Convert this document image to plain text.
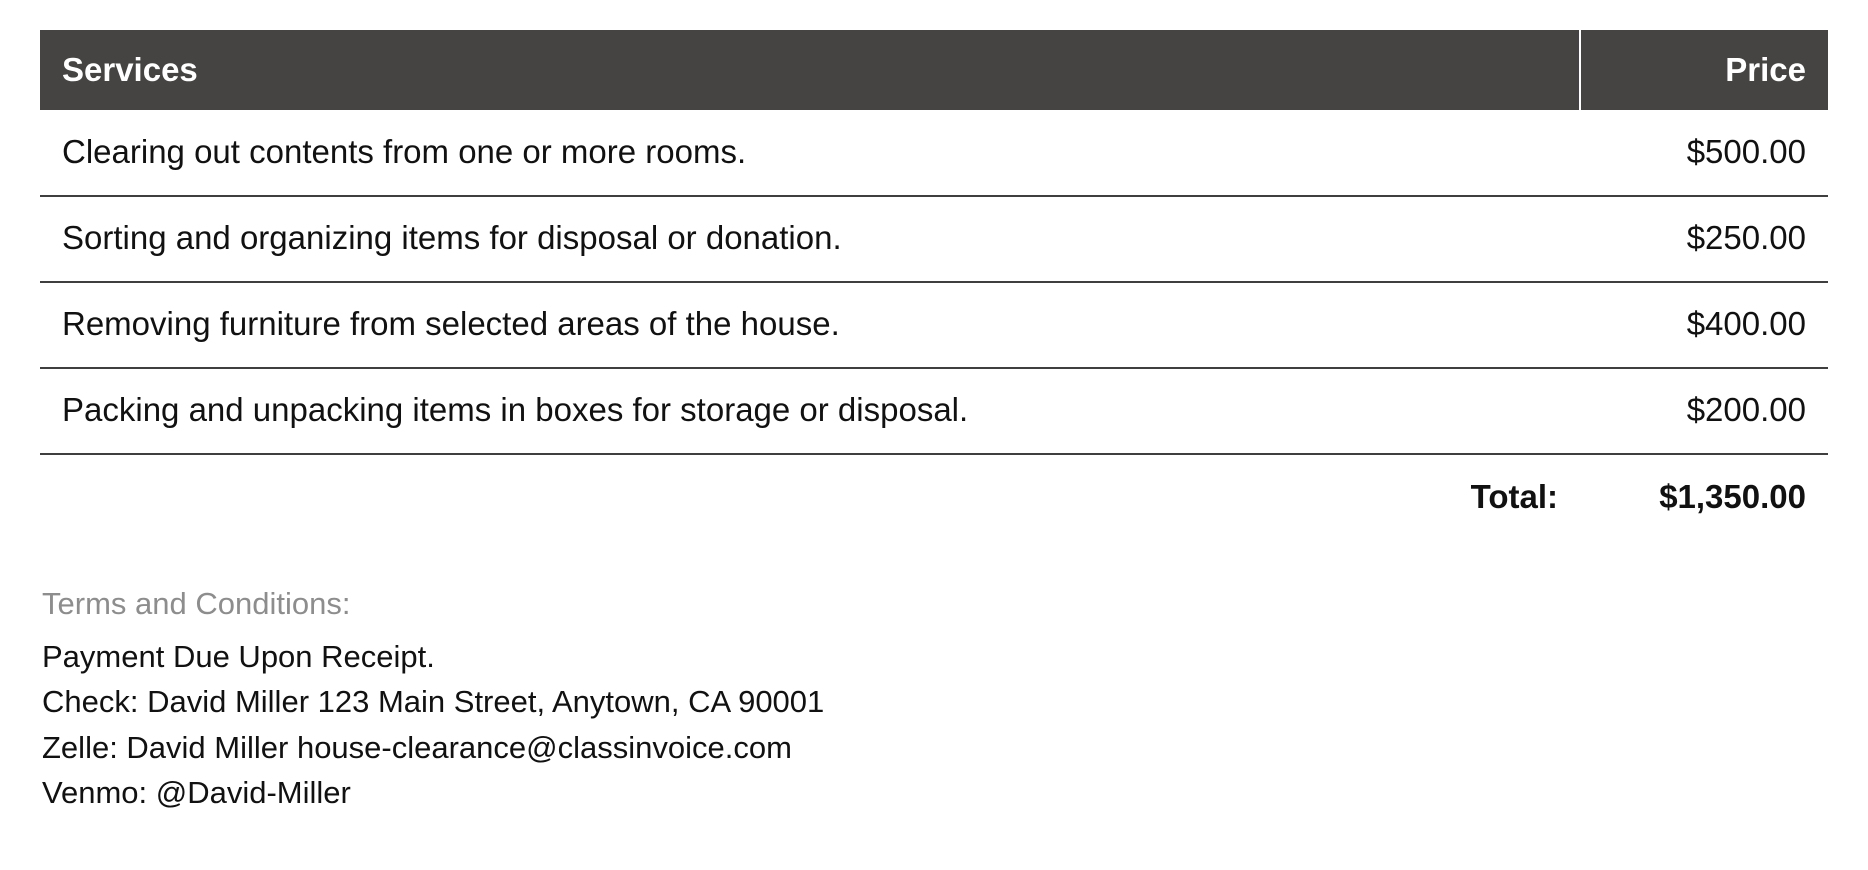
Services	Price
Clearing out contents from one or more rooms.	$500.00
Sorting and organizing items for disposal or donation.	$250.00
Removing furniture from selected areas of the house.	$400.00
Packing and unpacking items in boxes for storage or disposal.	$200.00
Total:	$1,350.00
Terms and Conditions:
Payment Due Upon Receipt.
Check: David Miller 123 Main Street, Anytown, CA 90001
Zelle: David Miller house-clearance@classinvoice.com
Venmo: @David-Miller
